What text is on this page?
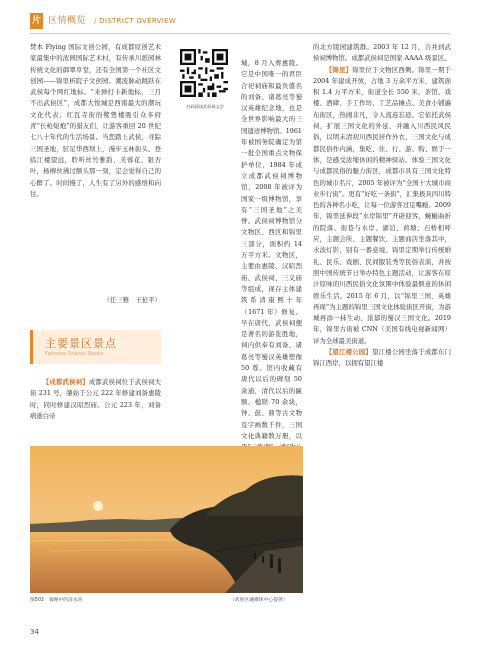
片 区情概览 / DISTRICT OVERVIEW

焚本 Flying 国际文创公园，有成都原创艺术家最集中的浓园国际艺术村，有传承川派园林传统文化的御翠草堂，还有全国第一个社区文创园——锦里析院子文创园。潮流脉动跳跃在武侯每个网红地标。“来弹打卡新地标，三月不出武侯区”，成都大悦城是西南最大的潮玩文化代表；红瓦寺街的鹭鸶楼吸引众多府青“长枪短炮”的猎友们，让游客重回 20 世纪七八十年代的生活场景。当您踏上武侯，寻踪三国圣地，驻足华西坝上，漫步玉林街头、登临江楼望远，聆听丝竹雅韵、芙蓉花、银杏叶，杨柳丝拂过额头那一刻，定会觉得自己的心醉了。时间慢了，人生有了另外的感悟和向往。

（任三雅　王伦平）
主要景区景点
Famous Scenic Spots

【成都武侯祠】成都武侯祠位于武侯祠大街 231 号，肇始于公元 222 年修建刘备惠陵时，同时修建汉昭烈庙。公元 223 年，刘备病逝白帝

扫码阅读武侯祠文学

城，8 月入葬惠陵。它是中国唯一的君臣合祀祠庙和最负盛名的刘备、诸葛亮等蜀汉英雄纪念地，也是全世界影响最大的三国遗迹博物馆。1961 年被国务院确定为第一批全国重点文物保护单位，1984 年成立成都武侯祠博物馆，2008 年被评为国家一级博物馆，享有“三国圣地”之美誉。武侯祠博物馆分文物区、西区和锦里三部分，面积约 14 万平方米。文物区，主要由惠陵、汉昭烈庙、武侯祠、三义庙等组成，现存主体建筑系清康熙十年（1671 年）修复。早在唐代，武侯祠便是著名的游览胜地，祠内供奉有刘备、诸葛亮等蜀汉英雄塑像 50 尊。馆内收藏有唐代以后的碑刻 50 余通，清代以后的匾额、楹联 70 余块，钟、鼓、鼎等古文物及字画数千件，三国文化典籍数万册，以

的北方陵园建筑群。2003 年 12 月，合并到武侯祠博物馆。成都武侯祠是国家 AAAA 级景区。

【锦里】锦里位于文物区西侧。锦里一期于 2004 年建成开放，占地 3 万余平方米，建筑面积 1.4 万平方米，街道全长 550 米，茶馆、戏楼、酒肆、手工作坊、工艺品摊点、美食小铺遍布街区，热闹非凡，令人流连忘返。它依托武侯祠，扩展三国文化的外延，并融入川西民风民俗，以明末清初川西民居作外衣，三国文化与成都民俗作内涵，集吃、住、行、游、购、娱于一体，是感受浓缩休闲的精神驿站。体验三国文化与成都民俗的魅力街区，成都市具有三国文化特色的城市名片，2005 年被评为“全国十大城市商业步行街”。更有“好吃一条街”，汇集极具四川特色的各种名小吃，让每一位游客过足嘴瘾。2009 年，锦里延伸段“水岸锦里”开辟迎客，蜿蜒曲折的院落、街巷与水岸、湖泊、荷塘、石桥相呼应，主题会所、主题餐饮、主题商店坐落其中，水波灯影，别有一番意境。锦里定期举行传统婚礼、民乐、戏剧、民间服装秀等民俗表演，并按照中国传统节日举办特色主题活动，让游客在原汁原味的川西民俗文化氛围中体验最惬意的休闲娱乐生活。2015 年 6 月，以“锦里三国，英雄再现”为主题的锦里三国文化体验街区开街，为游城再添一抹生动、浓郁的蜀汉三国文化。2019 年，锦里古街被 CNN（美国有线电视新闻网）评为全球最美街道。

【望江楼公园】望江楼公园坐落于成都东门锦江西岸，以拥有望江楼

图502　暮晚中的清水河	（武侯区融媒体中心提供）
34
